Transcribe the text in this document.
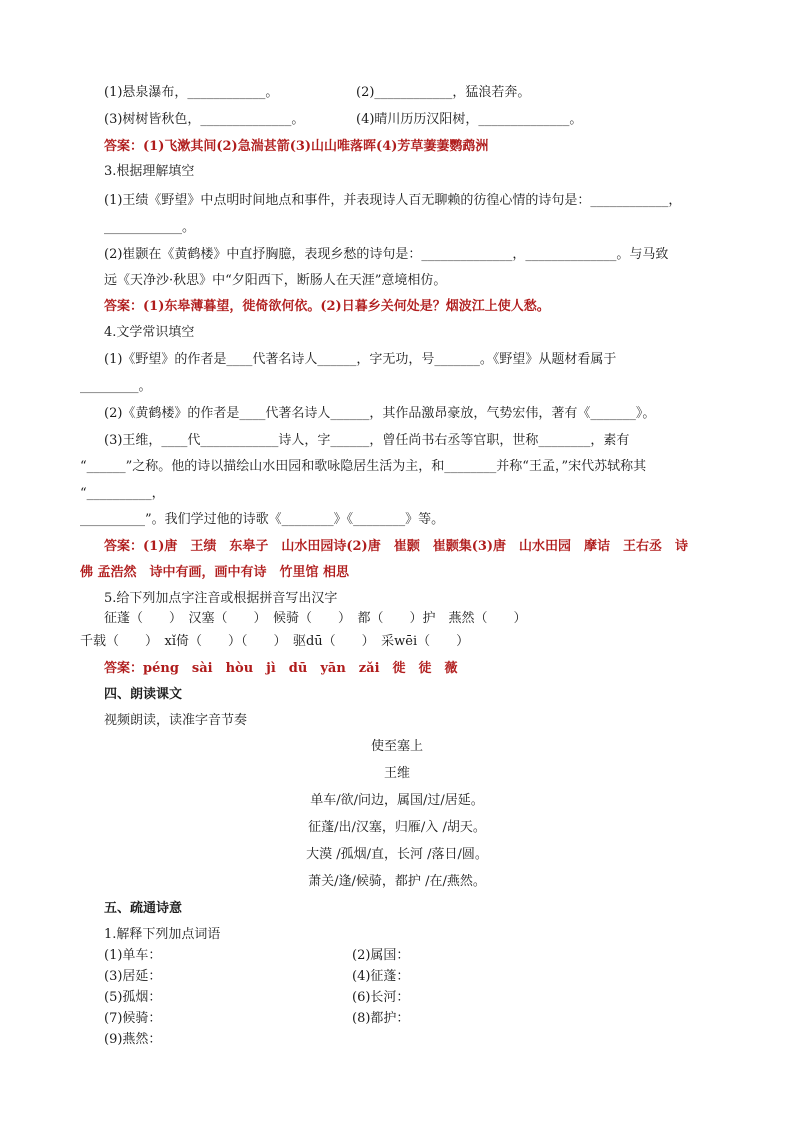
(1)悬泉瀑布，____________。	(2)____________，猛浪若奔。
(3)树树皆秋色，______________。	(4)晴川历历汉阳树，______________。
答案：(1)飞漱其间(2)急湍甚箭(3)山山唯落晖(4)芳草萋萋鹦鹉洲
3.根据理解填空
(1)王绩《野望》中点明时间地点和事件，并表现诗人百无聊赖的彷徨心情的诗句是：____________，
____________。
(2)崔颢在《黄鹤楼》中直抒胸臆，表现乡愁的诗句是：______________，______________。与马致
远《天净沙·秋思》中“夕阳西下，断肠人在天涯”意境相仿。
答案：(1)东皋薄暮望，徙倚欲何依。(2)日暮乡关何处是？烟波江上使人愁。
4.文学常识填空
(1)《野望》的作者是____代著名诗人______，字无功，号_______。《野望》从题材看属于
_________。
(2)《黄鹤楼》的作者是____代著名诗人______，其作品激昂豪放，气势宏伟，著有《_______》。
(3)王维，____代____________诗人，字______，曾任尚书右丞等官职，世称________，素有
“______”之称。他的诗以描绘山水田园和歌咏隐居生活为主，和________并称“王孟，”宋代苏轼称其
“__________，
__________”。我们学过他的诗歌《________》《________》等。
答案：(1)唐　王绩　东皋子　山水田园诗(2)唐　崔颢　崔颢集(3)唐　山水田园　摩诘　王右丞　诗
佛 孟浩然　诗中有画，画中有诗　竹里馆 相思
5.给下列加点字注音或根据拼音写出汉字
征蓬（　　）　汉塞（　　）　候骑（　　）　都（　　）护　燕然（　　）
千载（　　）　xǐ倚（　　）（　　）　驱dū（　　）　采wēi（　　）
答案：péng　sài　hòu　jì　dū　yān　zǎi　徙　徒　薇
四、朗读课文
视频朗读，读准字音节奏
使至塞上
王维
单车/欲/问边，属国/过/居延。
征蓬/出/汉塞，归雁/入 /胡天。
大漠 /孤烟/直，长河 /落日/圆。
萧关/逢/候骑，都护 /在/燕然。
五、疏通诗意
1.解释下列加点词语
(1)单车：	(2)属国：
(3)居延：	(4)征蓬：
(5)孤烟：	(6)长河：
(7)候骑：	(8)都护：
(9)燕然：
